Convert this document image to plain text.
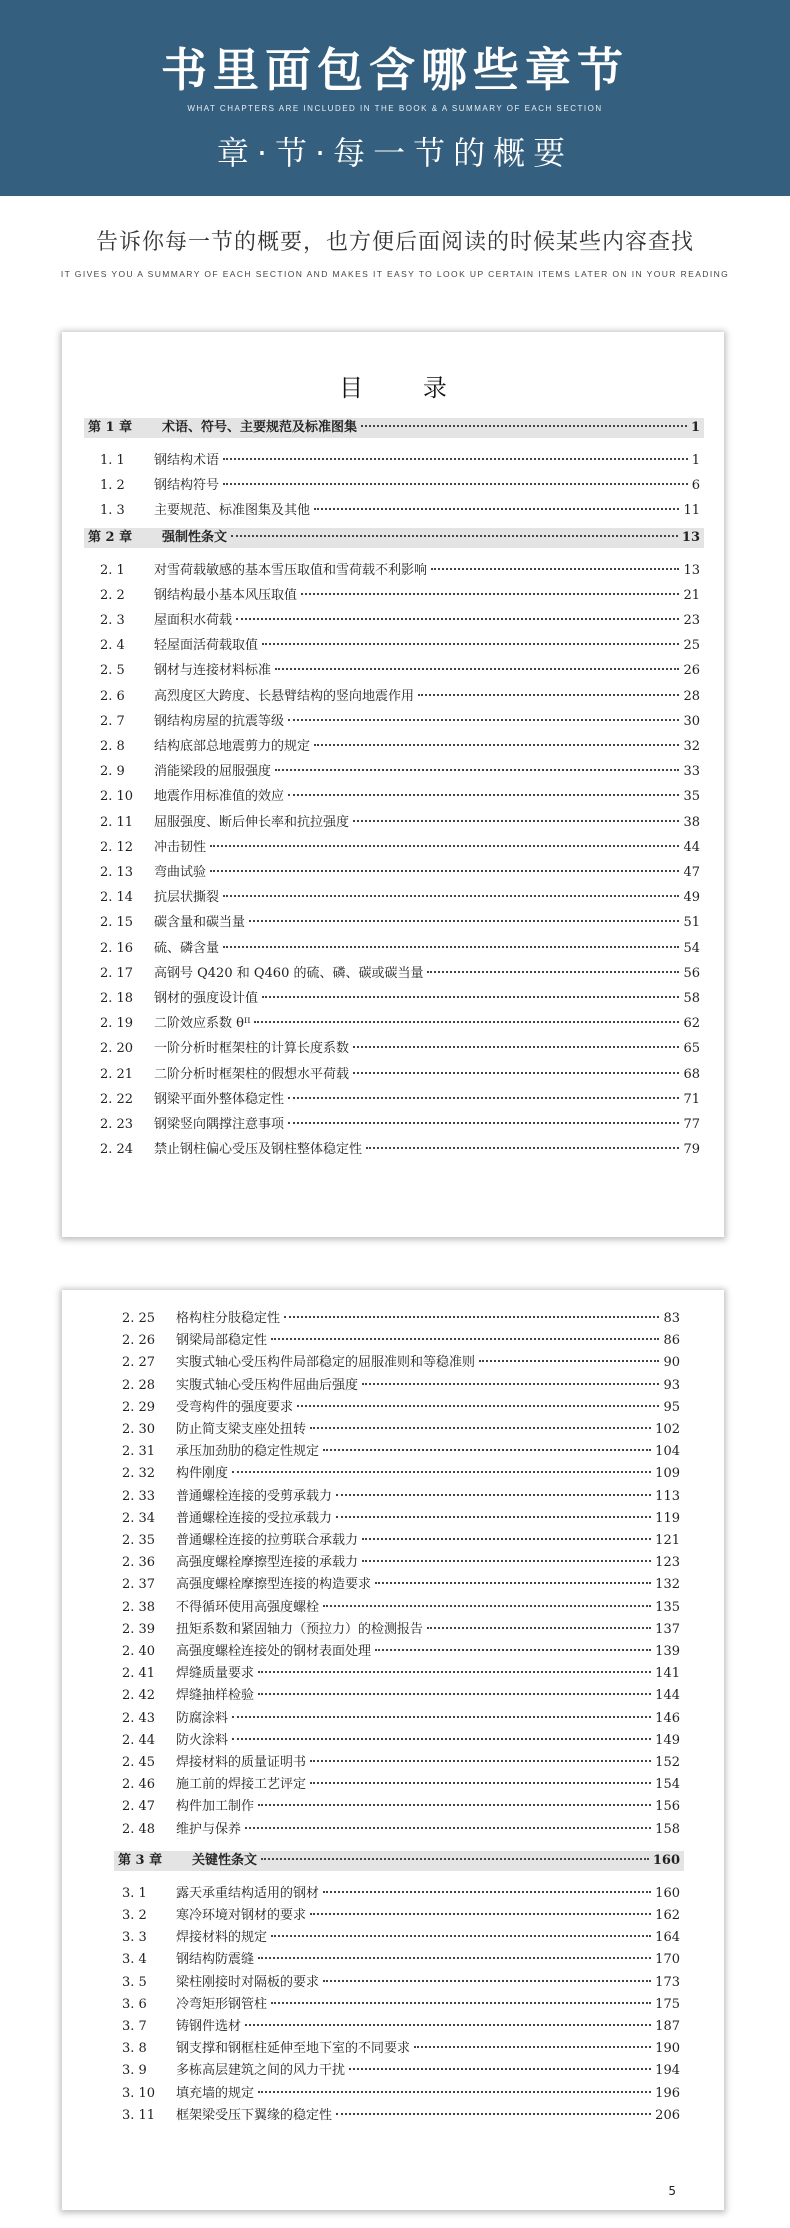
书里面包含哪些章节
WHAT CHAPTERS ARE INCLUDED IN THE BOOK & A SUMMARY OF EACH SECTION
章·节·每一节的概要
告诉你每一节的概要，也方便后面阅读的时候某些内容查找
IT GIVES YOU A SUMMARY OF EACH SECTION AND MAKES IT EASY TO LOOK UP CERTAIN ITEMS LATER ON IN YOUR READING
目 录
第 1 章	术语、符号、主要规范及标准图集	1
1. 1	钢结构术语	1
1. 2	钢结构符号	6
1. 3	主要规范、标准图集及其他	11
第 2 章	强制性条文	13
2. 1	对雪荷载敏感的基本雪压取值和雪荷载不利影响	13
2. 2	钢结构最小基本风压取值	21
2. 3	屋面积水荷载	23
2. 4	轻屋面活荷载取值	25
2. 5	钢材与连接材料标准	26
2. 6	高烈度区大跨度、长悬臂结构的竖向地震作用	28
2. 7	钢结构房屋的抗震等级	30
2. 8	结构底部总地震剪力的规定	32
2. 9	消能梁段的屈服强度	33
2. 10	地震作用标准值的效应	35
2. 11	屈服强度、断后伸长率和抗拉强度	38
2. 12	冲击韧性	44
2. 13	弯曲试验	47
2. 14	抗层状撕裂	49
2. 15	碳含量和碳当量	51
2. 16	硫、磷含量	54
2. 17	高钢号 Q420 和 Q460 的硫、磷、碳或碳当量	56
2. 18	钢材的强度设计值	58
2. 19	二阶效应系数 θᴵᴵ	62
2. 20	一阶分析时框架柱的计算长度系数	65
2. 21	二阶分析时框架柱的假想水平荷载	68
2. 22	钢梁平面外整体稳定性	71
2. 23	钢梁竖向隅撑注意事项	77
2. 24	禁止钢柱偏心受压及钢柱整体稳定性	79
2. 25	格构柱分肢稳定性	83
2. 26	钢梁局部稳定性	86
2. 27	实腹式轴心受压构件局部稳定的屈服准则和等稳准则	90
2. 28	实腹式轴心受压构件屈曲后强度	93
2. 29	受弯构件的强度要求	95
2. 30	防止简支梁支座处扭转	102
2. 31	承压加劲肋的稳定性规定	104
2. 32	构件刚度	109
2. 33	普通螺栓连接的受剪承载力	113
2. 34	普通螺栓连接的受拉承载力	119
2. 35	普通螺栓连接的拉剪联合承载力	121
2. 36	高强度螺栓摩擦型连接的承载力	123
2. 37	高强度螺栓摩擦型连接的构造要求	132
2. 38	不得循环使用高强度螺栓	135
2. 39	扭矩系数和紧固轴力（预拉力）的检测报告	137
2. 40	高强度螺栓连接处的钢材表面处理	139
2. 41	焊缝质量要求	141
2. 42	焊缝抽样检验	144
2. 43	防腐涂料	146
2. 44	防火涂料	149
2. 45	焊接材料的质量证明书	152
2. 46	施工前的焊接工艺评定	154
2. 47	构件加工制作	156
2. 48	维护与保养	158
第 3 章	关键性条文	160
3. 1	露天承重结构适用的钢材	160
3. 2	寒冷环境对钢材的要求	162
3. 3	焊接材料的规定	164
3. 4	钢结构防震缝	170
3. 5	梁柱刚接时对隔板的要求	173
3. 6	冷弯矩形钢管柱	175
3. 7	铸钢件选材	187
3. 8	钢支撑和钢框柱延伸至地下室的不同要求	190
3. 9	多栋高层建筑之间的风力干扰	194
3. 10	填充墙的规定	196
3. 11	框架梁受压下翼缘的稳定性	206
5
